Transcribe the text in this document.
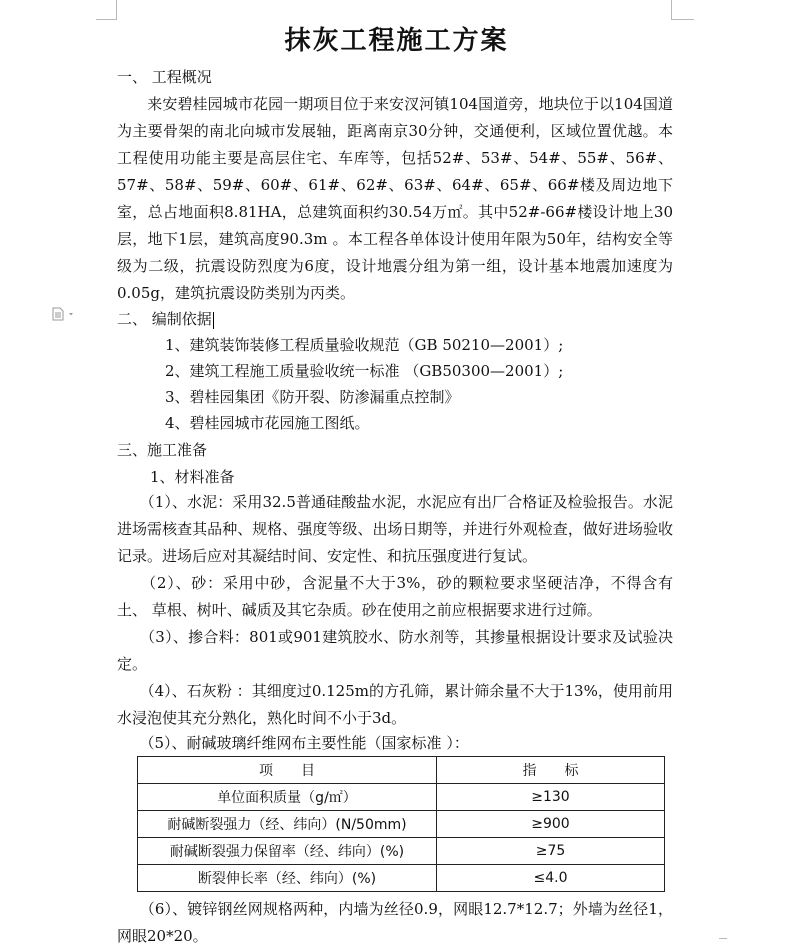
抹灰工程施工方案
一、 工程概况
　　来安碧桂园城市花园一期项目位于来安汊河镇104国道旁，地块位于以104国道为主要骨架的南北向城市发展轴，距离南京30分钟，交通便利，区域位置优越。本工程使用功能主要是高层住宅、车库等，包括52#、53#、54#、55#、56#、57#、58#、59#、60#、61#、62#、63#、64#、65#、66#楼及周边地下室，总占地面积8.81HA，总建筑面积约30.54万㎡。其中52#-66#楼设计地上30层，地下1层，建筑高度90.3m 。本工程各单体设计使用年限为50年，结构安全等级为二级，抗震设防烈度为6度，设计地震分组为第一组，设计基本地震加速度为0.05g，建筑抗震设防类别为丙类。
二、 编制依据
1、建筑装饰装修工程质量验收规范（GB 50210—2001）;
2、建筑工程施工质量验收统一标准 （GB50300—2001）;
3、碧桂园集团《防开裂、防渗漏重点控制》
4、碧桂园城市花园施工图纸。
三、施工准备
1、材料准备
　　（1）、水泥：采用32.5普通硅酸盐水泥，水泥应有出厂合格证及检验报告。水泥进场需核查其品种、规格、强度等级、出场日期等，并进行外观检查，做好进场验收记录。进场后应对其凝结时间、安定性、和抗压强度进行复试。
　　（2）、砂：采用中砂，含泥量不大于3%，砂的颗粒要求坚硬洁净，不得含有土、 草根、树叶、碱质及其它杂质。砂在使用之前应根据要求进行过筛。
　　（3）、掺合料：801或901建筑胶水、防水剂等，其掺量根据设计要求及试验决定。
　　（4）、石灰粉 ：其细度过0.125m的方孔筛，累计筛余量不大于13%，使用前用水浸泡使其充分熟化，熟化时间不小于3d。
　　（5）、耐碱玻璃纤维网布主要性能（国家标准 ）：
项　　目	指　　标
单位面积质量（g/㎡）	≥130
耐碱断裂强力（经、纬向）(N/50mm)	≥900
耐碱断裂强力保留率（经、纬向）(%)	≥75
断裂伸长率（经、纬向）(%)	≤4.0
　　（6）、镀锌钢丝网规格两种，内墙为丝径0.9，网眼12.7*12.7；外墙为丝径1，网眼20*20。
